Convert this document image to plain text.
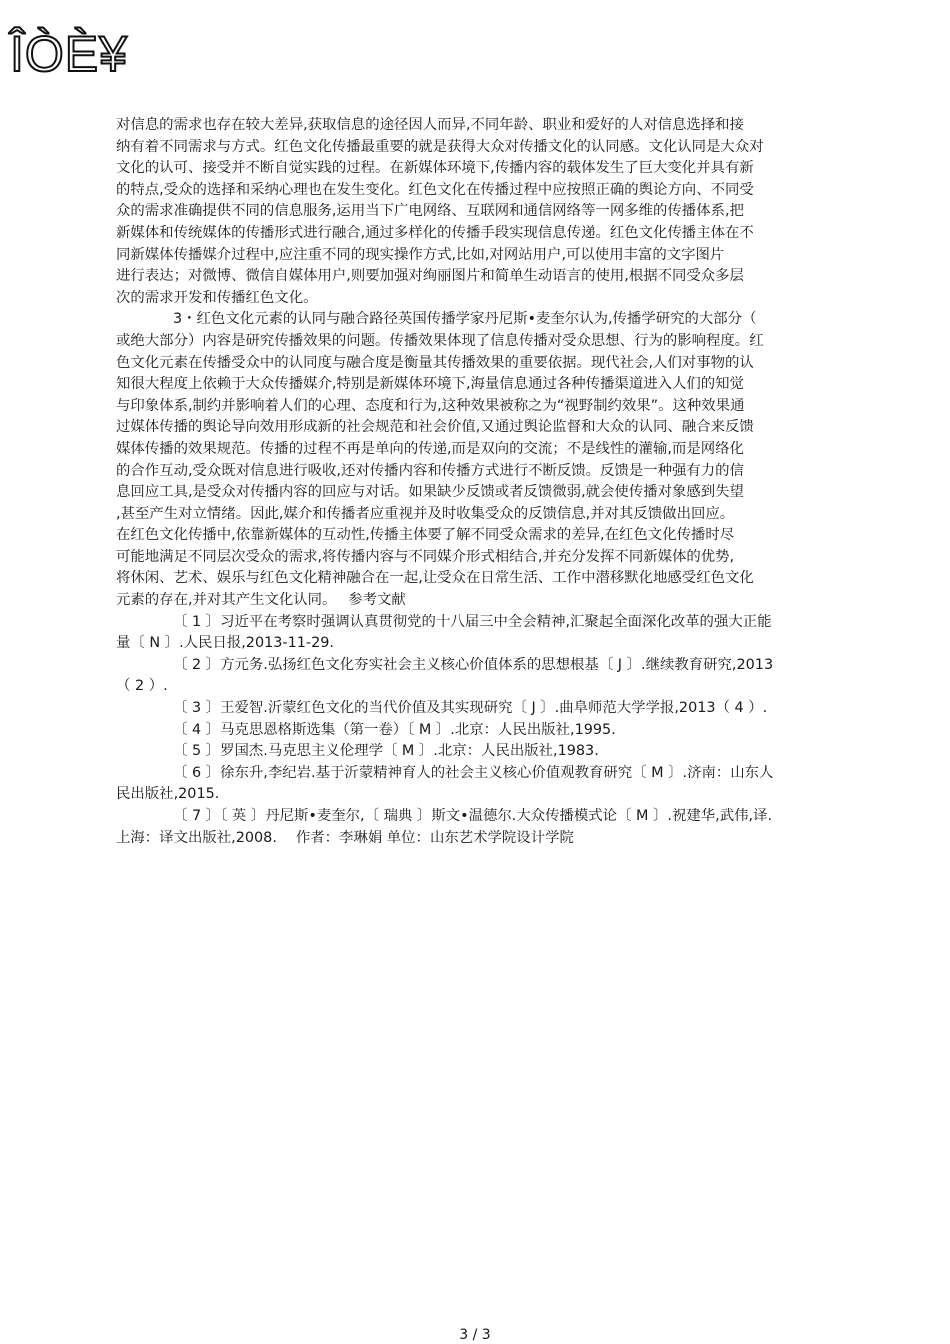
ÎÒÈ¥
对信息的需求也存在较大差异,获取信息的途径因人而异,不同年龄、职业和爱好的人对信息选择和接
纳有着不同需求与方式。红色文化传播最重要的就是获得大众对传播文化的认同感。文化认同是大众对
文化的认可、接受并不断自觉实践的过程。在新媒体环境下,传播内容的载体发生了巨大变化并具有新
的特点,受众的选择和采纳心理也在发生变化。红色文化在传播过程中应按照正确的舆论方向、不同受
众的需求准确提供不同的信息服务,运用当下广电网络、互联网和通信网络等一网多维的传播体系,把
新媒体和传统媒体的传播形式进行融合,通过多样化的传播手段实现信息传递。红色文化传播主体在不
同新媒体传播媒介过程中,应注重不同的现实操作方式,比如,对网站用户,可以使用丰富的文字图片
进行表达；对微博、微信自媒体用户,则要加强对绚丽图片和简单生动语言的使用,根据不同受众多层
次的需求开发和传播红色文化。
3・红色文化元素的认同与融合路径英国传播学家丹尼斯•麦奎尔认为,传播学研究的大部分（
或绝大部分）内容是研究传播效果的问题。传播效果体现了信息传播对受众思想、行为的影响程度。红
色文化元素在传播受众中的认同度与融合度是衡量其传播效果的重要依据。现代社会,人们对事物的认
知很大程度上依赖于大众传播媒介,特别是新媒体环境下,海量信息通过各种传播渠道进入人们的知觉
与印象体系,制约并影响着人们的心理、态度和行为,这种效果被称之为“视野制约效果”。这种效果通
过媒体传播的舆论导向效用形成新的社会规范和社会价值,又通过舆论监督和大众的认同、融合来反馈
媒体传播的效果规范。传播的过程不再是单向的传递,而是双向的交流；不是线性的灌输,而是网络化
的合作互动,受众既对信息进行吸收,还对传播内容和传播方式进行不断反馈。反馈是一种强有力的信
息回应工具,是受众对传播内容的回应与对话。如果缺少反馈或者反馈微弱,就会使传播对象感到失望
,甚至产生对立情绪。因此,媒介和传播者应重视并及时收集受众的反馈信息,并对其反馈做出回应。
在红色文化传播中,依靠新媒体的互动性,传播主体要了解不同受众需求的差异,在红色文化传播时尽
可能地满足不同层次受众的需求,将传播内容与不同媒介形式相结合,并充分发挥不同新媒体的优势,
将休闲、艺术、娱乐与红色文化精神融合在一起,让受众在日常生活、工作中潜移默化地感受红色文化
元素的存在,并对其产生文化认同。　 参考文献
〔 1 〕习近平在考察时强调认真贯彻党的十八届三中全会精神,汇聚起全面深化改革的强大正能
量〔 N 〕.人民日报,2013-11-29.
〔 2 〕方元务.弘扬红色文化夯实社会主义核心价值体系的思想根基〔 J 〕.继续教育研究,2013
（ 2 ）.
〔 3 〕王爱智.沂蒙红色文化的当代价值及其实现研究〔 J 〕.曲阜师范大学学报,2013（ 4 ）.
〔 4 〕马克思恩格斯选集（第一卷）〔 M 〕.北京：人民出版社,1995.
〔 5 〕罗国杰.马克思主义伦理学〔 M 〕.北京：人民出版社,1983.
〔 6 〕徐东升,李纪岩.基于沂蒙精神育人的社会主义核心价值观教育研究〔 M 〕.济南：山东人
民出版社,2015.
〔 7 〕〔 英 〕丹尼斯•麦奎尔,〔 瑞典 〕斯文•温德尔.大众传播模式论〔 M 〕.祝建华,武伟,译.
上海：译文出版社,2008.　 作者：李琳娟 单位：山东艺术学院设计学院
3 / 3
